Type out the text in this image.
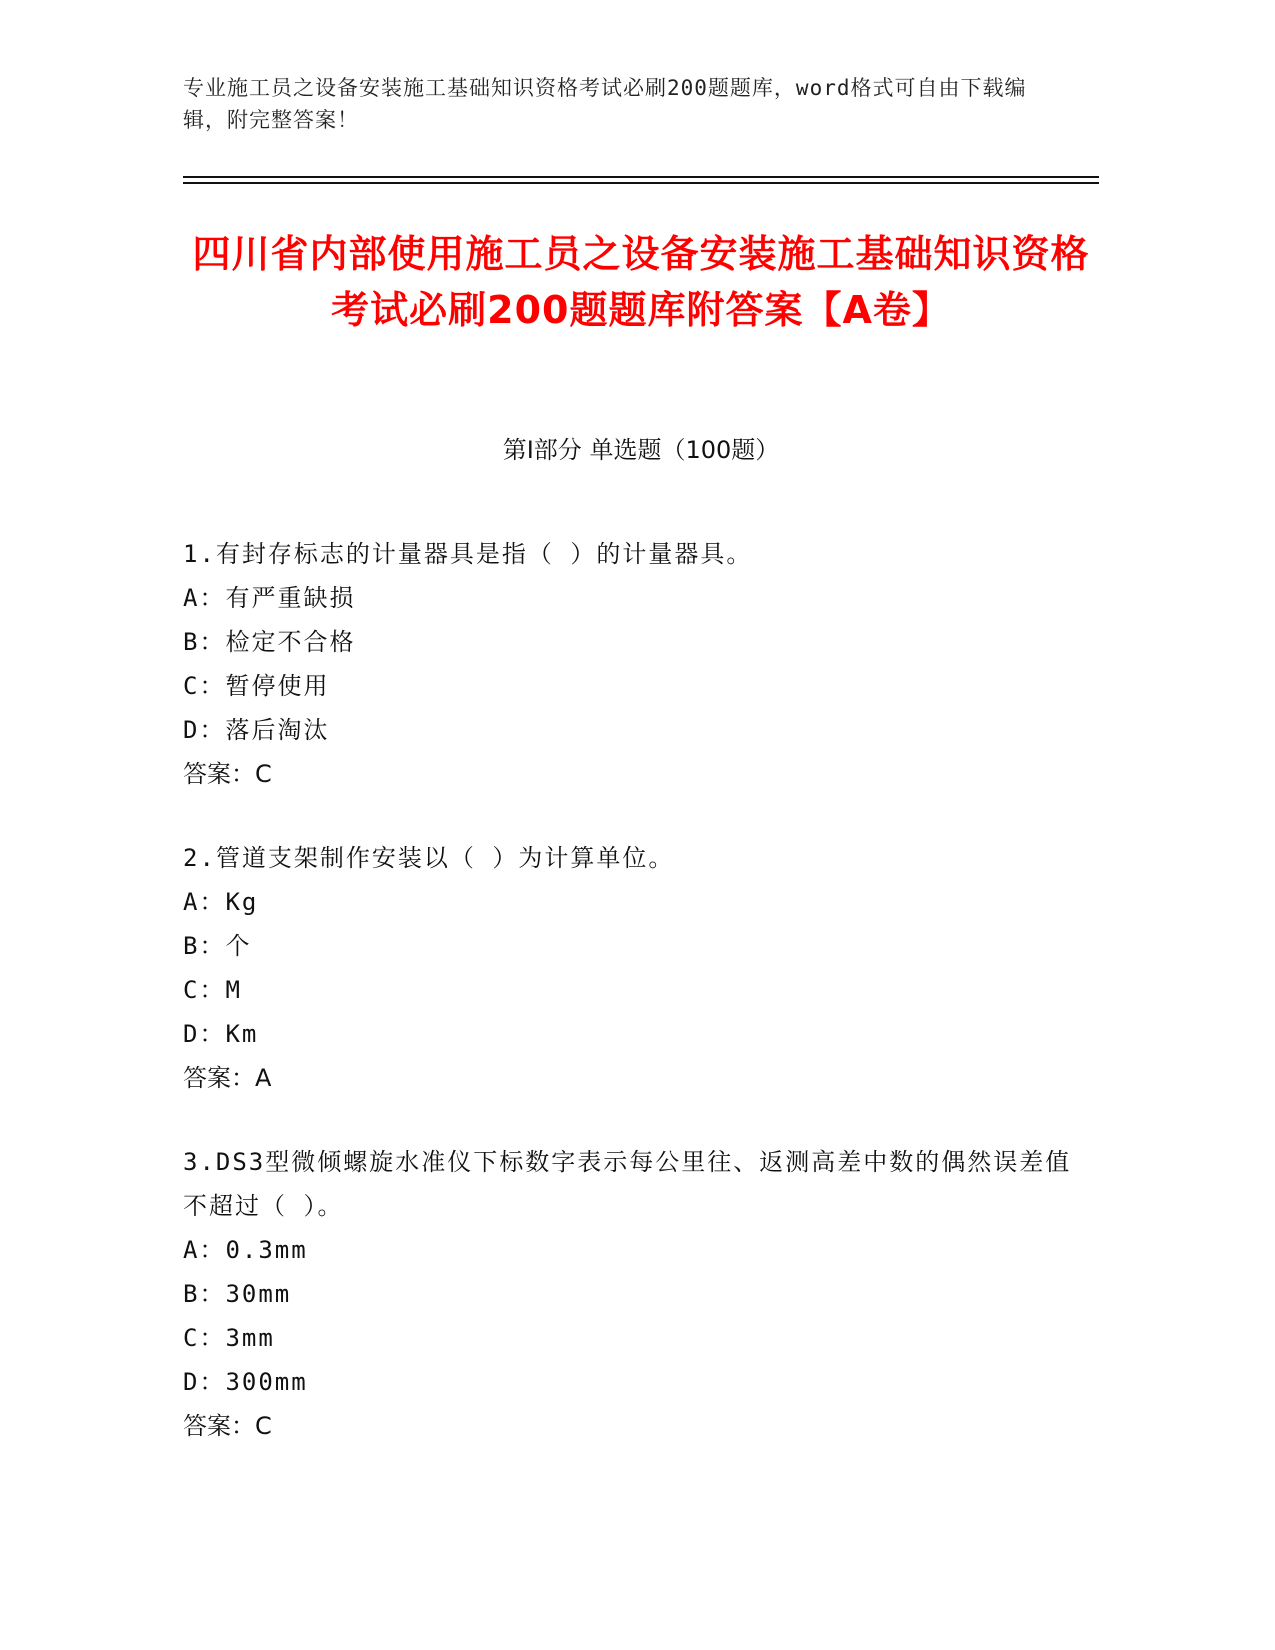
专业施工员之设备安装施工基础知识资格考试必刷200题题库，word格式可自由下载编辑，附完整答案！
四川省内部使用施工员之设备安装施工基础知识资格考试必刷200题题库附答案【A卷】
第Ⅰ部分 单选题（100题）
1.有封存标志的计量器具是指（ ）的计量器具。
A：有严重缺损
B：检定不合格
C：暂停使用
D：落后淘汰
答案：C
2.管道支架制作安装以（ ）为计算单位。
A：Kg
B：个
C：M
D：Km
答案：A
3.DS3型微倾螺旋水准仪下标数字表示每公里往、返测高差中数的偶然误差值不超过（ ）。
A：0.3mm
B：30mm
C：3mm
D：300mm
答案：C
